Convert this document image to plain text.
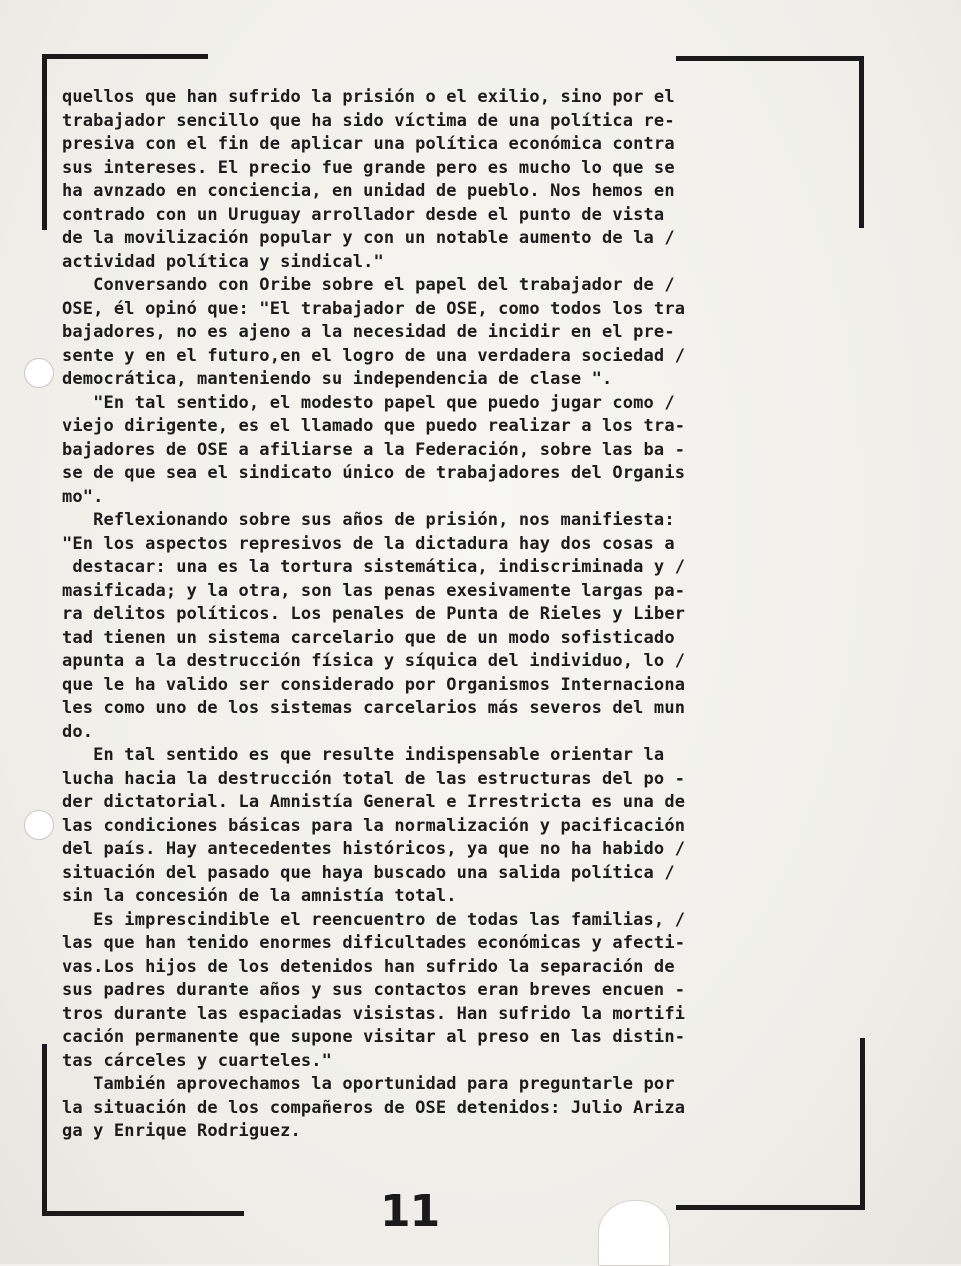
quellos que han sufrido la prisión o el exilio, sino por el
trabajador sencillo que ha sido víctima de una política re-
presiva con el fin de aplicar una política económica contra
sus intereses. El precio fue grande pero es mucho lo que se
ha avnzado en conciencia, en unidad de pueblo. Nos hemos en
contrado con un Uruguay arrollador desde el punto de vista
de la movilización popular y con un notable aumento de la /
actividad política y sindical."
Conversando con Oribe sobre el papel del trabajador de /
OSE, él opinó que: "El trabajador de OSE, como todos los tra
bajadores, no es ajeno a la necesidad de incidir en el pre-
sente y en el futuro,en el logro de una verdadera sociedad /
democrática, manteniendo su independencia de clase ".
"En tal sentido, el modesto papel que puedo jugar como /
viejo dirigente, es el llamado que puedo realizar a los tra-
bajadores de OSE a afiliarse a la Federación, sobre las ba -
se de que sea el sindicato único de trabajadores del Organis
mo".
Reflexionando sobre sus años de prisión, nos manifiesta:
"En los aspectos represivos de la dictadura hay dos cosas a
destacar: una es la tortura sistemática, indiscriminada y /
masificada; y la otra, son las penas exesivamente largas pa-
ra delitos políticos. Los penales de Punta de Rieles y Liber
tad tienen un sistema carcelario que de un modo sofisticado
apunta a la destrucción física y síquica del individuo, lo /
que le ha valido ser considerado por Organismos Internaciona
les como uno de los sistemas carcelarios más severos del mun
do.
En tal sentido es que resulte indispensable orientar la
lucha hacia la destrucción total de las estructuras del po -
der dictatorial. La Amnistía General e Irrestricta es una de
las condiciones básicas para la normalización y pacificación
del país. Hay antecedentes históricos, ya que no ha habido /
situación del pasado que haya buscado una salida política /
sin la concesión de la amnistía total.
Es imprescindible el reencuentro de todas las familias, /
las que han tenido enormes dificultades económicas y afecti-
vas.Los hijos de los detenidos han sufrido la separación de
sus padres durante años y sus contactos eran breves encuen -
tros durante las espaciadas visistas. Han sufrido la mortifi
cación permanente que supone visitar al preso en las distin-
tas cárceles y cuarteles."
También aprovechamos la oportunidad para preguntarle por
la situación de los compañeros de OSE detenidos: Julio Ariza
ga y Enrique Rodriguez.
11
